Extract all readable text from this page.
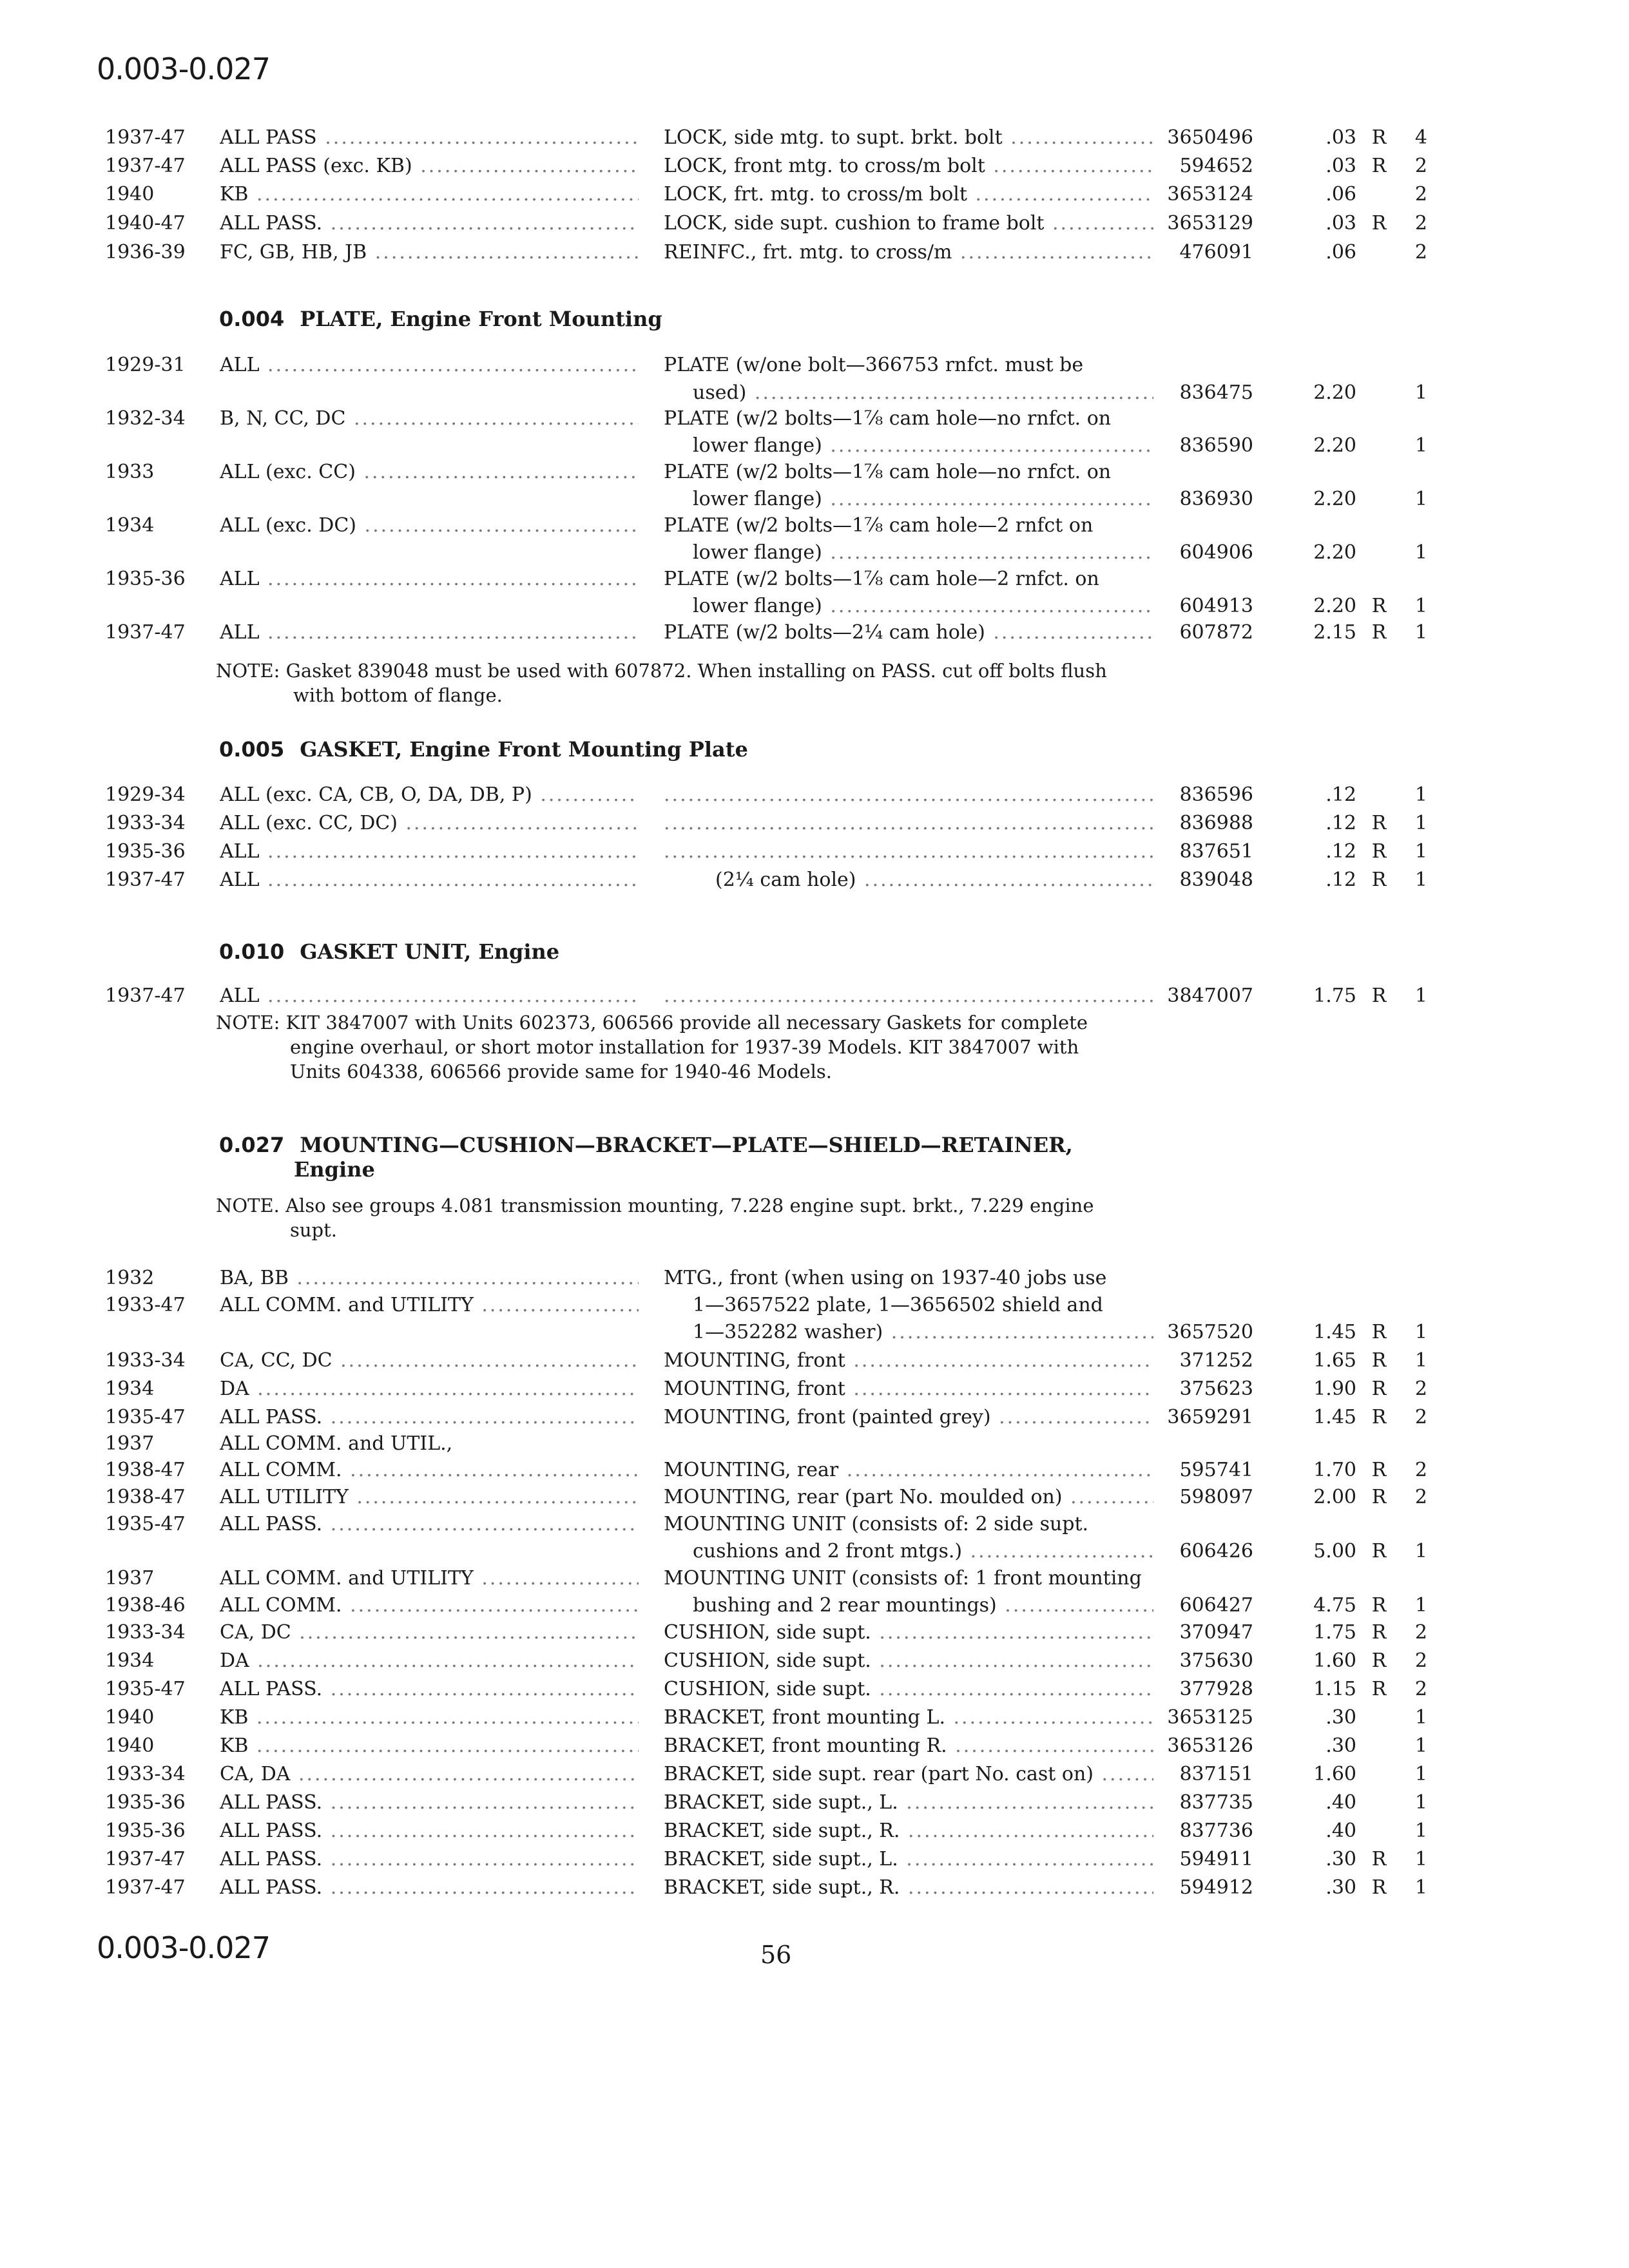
0.003-0.027
1937-47	ALL PASS .....	LOCK, side mtg. to supt. brkt. bolt .....	3650496	.03 R	4
1937-47	ALL PASS (exc. KB) .....	LOCK, front mtg. to cross/m bolt .....	594652	.03 R	2
1940	KB .....	LOCK, frt. mtg. to cross/m bolt .....	3653124	.06	2
1940-47	ALL PASS. .....	LOCK, side supt. cushion to frame bolt .....	3653129	.03 R	2
1936-39	FC, GB, HB, JB .....	REINFC., frt. mtg. to cross/m .....	476091	.06	2
0.004 PLATE, Engine Front Mounting
1929-31	ALL .....	PLATE (w/one bolt—366753 rnfct. must be
used) .....	836475	2.20	1
1932-34	B, N, CC, DC .....	PLATE (w/2 bolts—1⅞ cam hole—no rnfct. on
lower flange) .....	836590	2.20	1
1933	ALL (exc. CC) .....	PLATE (w/2 bolts—1⅞ cam hole—no rnfct. on
lower flange) .....	836930	2.20	1
1934	ALL (exc. DC) .....	PLATE (w/2 bolts—1⅞ cam hole—2 rnfct on
lower flange) .....	604906	2.20	1
1935-36	ALL .....	PLATE (w/2 bolts—1⅞ cam hole—2 rnfct. on
lower flange) .....	604913	2.20 R	1
1937-47	ALL .....	PLATE (w/2 bolts—2¼ cam hole) .....	607872	2.15 R	1
NOTE: Gasket 839048 must be used with 607872. When installing on PASS. cut off bolts flush
with bottom of flange.
0.005 GASKET, Engine Front Mounting Plate
1929-34	ALL (exc. CA, CB, O, DA, DB, P) ..... .....	836596	.12	1
1933-34	ALL (exc. CC, DC) ..... .....	836988	.12 R	1
1935-36	ALL ..... .....	837651	.12 R	1
1937-47	ALL .....	(2¼ cam hole) .....	839048	.12 R	1
0.010 GASKET UNIT, Engine
1937-47	ALL ..... .....	3847007	1.75 R	1
NOTE: KIT 3847007 with Units 602373, 606566 provide all necessary Gaskets for complete
engine overhaul, or short motor installation for 1937-39 Models. KIT 3847007 with
Units 604338, 606566 provide same for 1940-46 Models.
0.027 MOUNTING—CUSHION—BRACKET—PLATE—SHIELD—RETAINER,
Engine
NOTE. Also see groups 4.081 transmission mounting, 7.228 engine supt. brkt., 7.229 engine
supt.
1932	BA, BB .....	MTG., front (when using on 1937-40 jobs use
1933-47	ALL COMM. and UTILITY .....	1—3657522 plate, 1—3656502 shield and
1—352282 washer) .....	3657520	1.45 R	1
1933-34	CA, CC, DC .....	MOUNTING, front .....	371252	1.65 R	1
1934	DA .....	MOUNTING, front .....	375623	1.90 R	2
1935-47	ALL PASS. .....	MOUNTING, front (painted grey) .....	3659291	1.45 R	2
1937	ALL COMM. and UTIL.,
1938-47	ALL COMM. .....	MOUNTING, rear .....	595741	1.70 R	2
1938-47	ALL UTILITY .....	MOUNTING, rear (part No. moulded on) .....	598097	2.00 R	2
1935-47	ALL PASS. .....	MOUNTING UNIT (consists of: 2 side supt.
cushions and 2 front mtgs.) .....	606426	5.00 R	1
1937	ALL COMM. and UTILITY .....	MOUNTING UNIT (consists of: 1 front mounting
1938-46	ALL COMM. .....	bushing and 2 rear mountings) .....	606427	4.75 R	1
1933-34	CA, DC .....	CUSHION, side supt. .....	370947	1.75 R	2
1934	DA .....	CUSHION, side supt. .....	375630	1.60 R	2
1935-47	ALL PASS. .....	CUSHION, side supt. .....	377928	1.15 R	2
1940	KB .....	BRACKET, front mounting L. .....	3653125	.30	1
1940	KB .....	BRACKET, front mounting R. .....	3653126	.30	1
1933-34	CA, DA .....	BRACKET, side supt. rear (part No. cast on) .....	837151	1.60	1
1935-36	ALL PASS. .....	BRACKET, side supt., L. .....	837735	.40	1
1935-36	ALL PASS. .....	BRACKET, side supt., R. .....	837736	.40	1
1937-47	ALL PASS. .....	BRACKET, side supt., L. .....	594911	.30 R	1
1937-47	ALL PASS. .....	BRACKET, side supt., R. .....	594912	.30 R	1
0.003-0.027	56
